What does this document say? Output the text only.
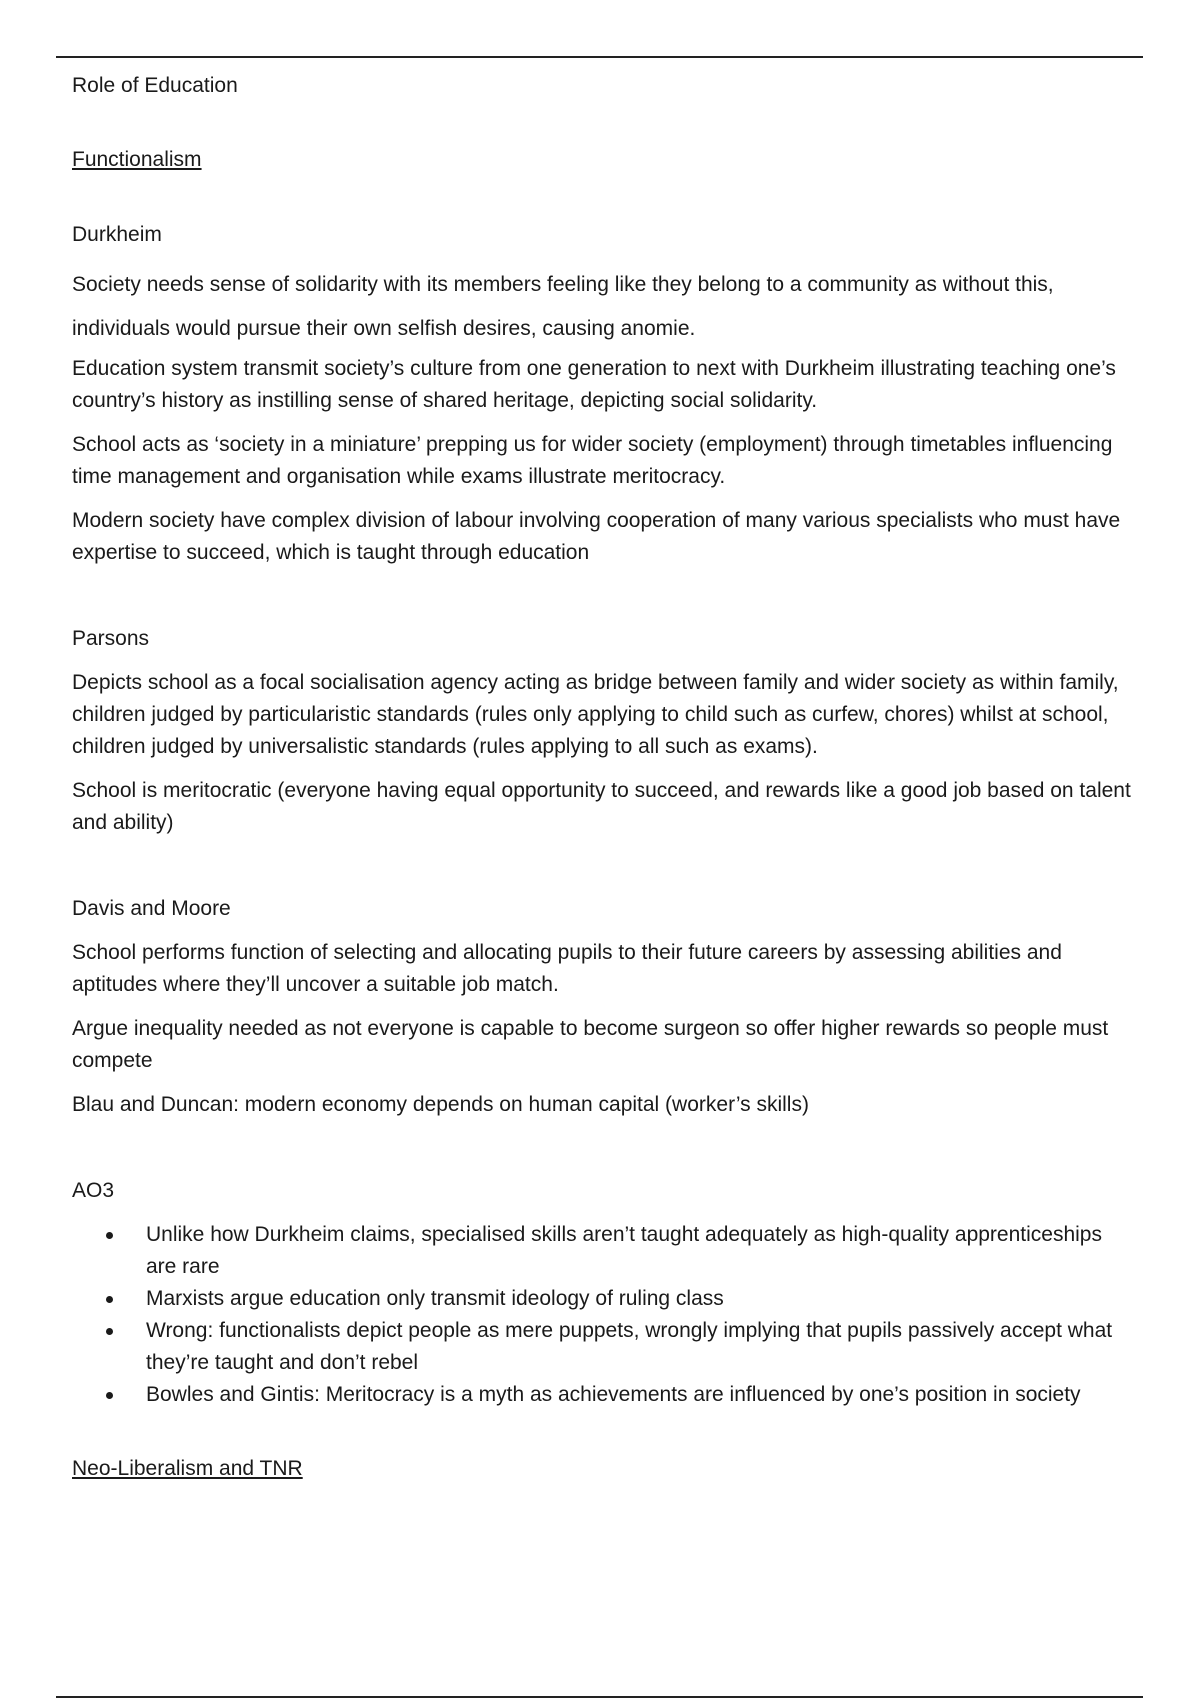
Role of Education

Functionalism

Durkheim

Society needs sense of solidarity with its members feeling like they belong to a community as without this,

individuals would pursue their own selfish desires, causing anomie.

Education system transmit society’s culture from one generation to next with Durkheim illustrating teaching one’s country’s history as instilling sense of shared heritage, depicting social solidarity.

School acts as ‘society in a miniature’ prepping us for wider society (employment) through timetables influencing time management and organisation while exams illustrate meritocracy.

Modern society have complex division of labour involving cooperation of many various specialists who must have expertise to succeed, which is taught through education

Parsons

Depicts school as a focal socialisation agency acting as bridge between family and wider society as within family, children judged by particularistic standards (rules only applying to child such as curfew, chores) whilst at school, children judged by universalistic standards (rules applying to all such as exams).

School is meritocratic (everyone having equal opportunity to succeed, and rewards like a good job based on talent and ability)

Davis and Moore

School performs function of selecting and allocating pupils to their future careers by assessing abilities and aptitudes where they’ll uncover a suitable job match.

Argue inequality needed as not everyone is capable to become surgeon so offer higher rewards so people must compete

Blau and Duncan: modern economy depends on human capital (worker’s skills)

AO3

Unlike how Durkheim claims, specialised skills aren’t taught adequately as high-quality apprenticeships are rare
Marxists argue education only transmit ideology of ruling class
Wrong: functionalists depict people as mere puppets, wrongly implying that pupils passively accept what they’re taught and don’t rebel
Bowles and Gintis: Meritocracy is a myth as achievements are influenced by one’s position in society

Neo-Liberalism and TNR
